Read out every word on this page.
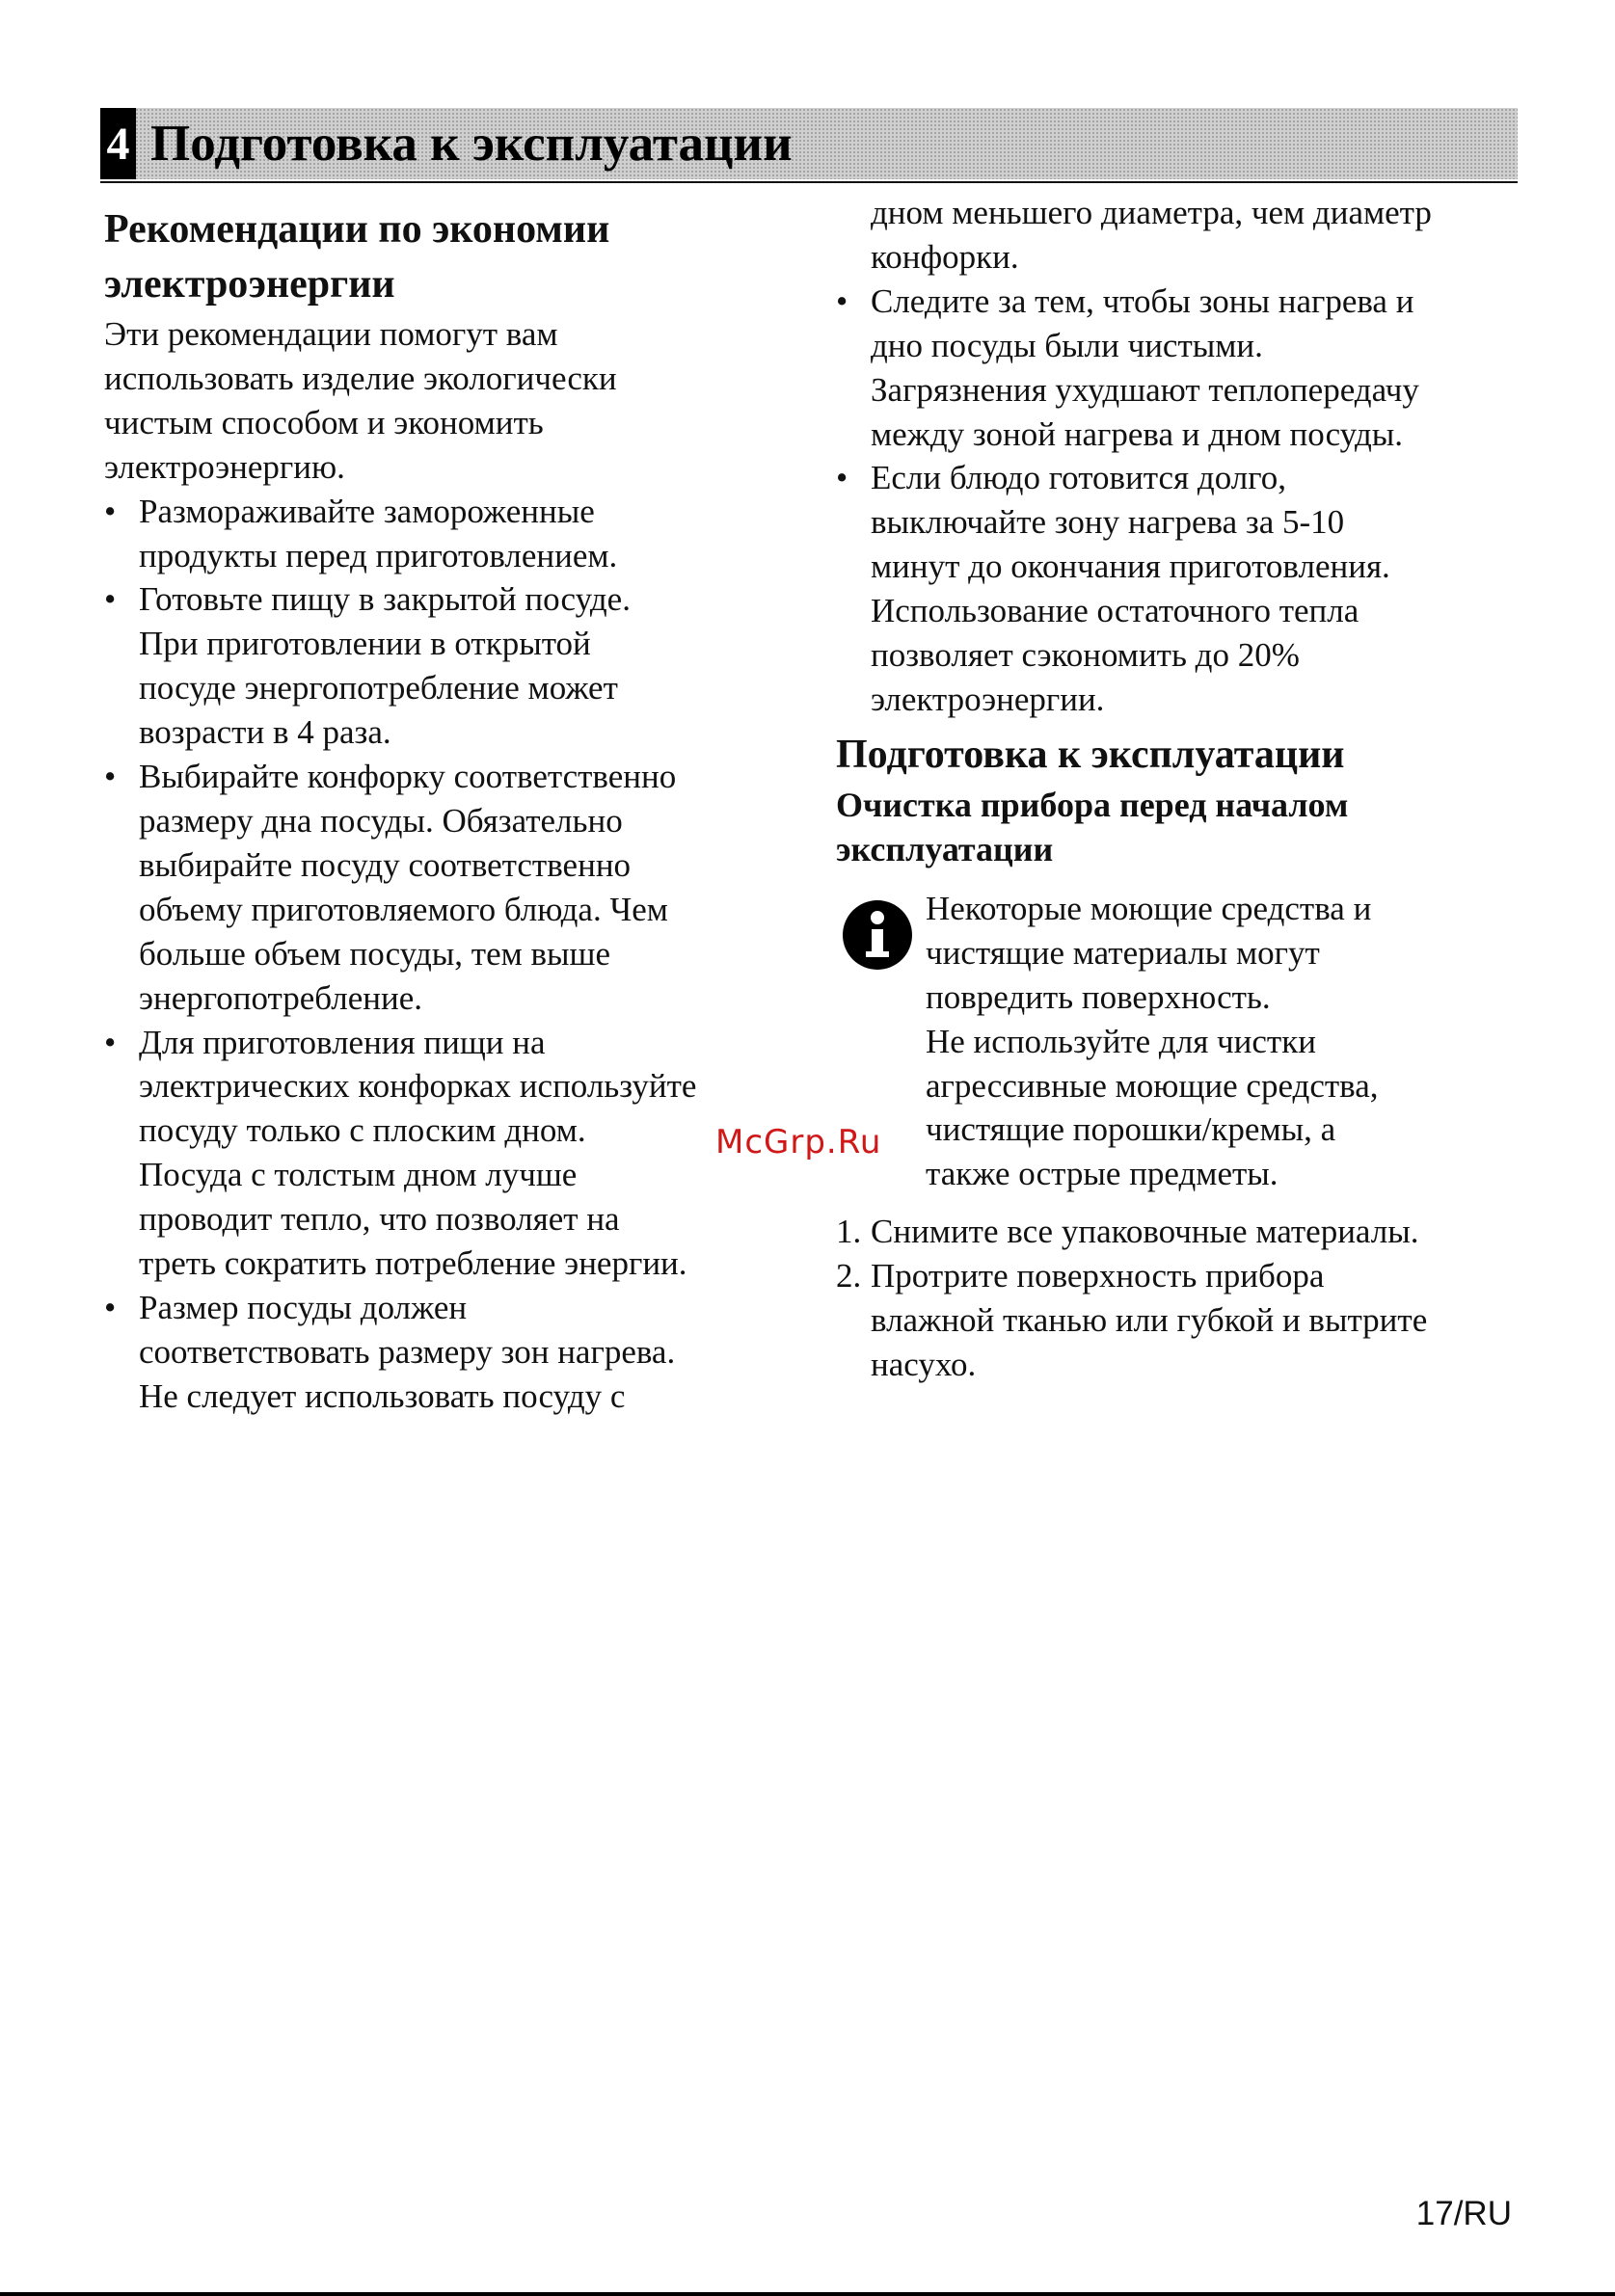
4 Подготовка к эксплуатации
Рекомендации по экономии
электроэнергии

Эти рекомендации помогут вам
использовать изделие экологически
чистым способом и экономить
электроэнергию.

• Размораживайте замороженные
продукты перед приготовлением.
• Готовьте пищу в закрытой посуде.
При приготовлении в открытой
посуде энергопотребление может
возрасти в 4 раза.
• Выбирайте конфорку соответственно
размеру дна посуды. Обязательно
выбирайте посуду соответственно
объему приготовляемого блюда. Чем
больше объем посуды, тем выше
энергопотребление.
• Для приготовления пищи на
электрических конфорках используйте
посуду только с плоским дном.
Посуда с толстым дном лучше
проводит тепло, что позволяет на
треть сократить потребление энергии.
• Размер посуды должен
соответствовать размеру зон нагрева.
Не следует использовать посуду с

дном меньшего диаметра, чем диаметр
конфорки.

• Следите за тем, чтобы зоны нагрева и
дно посуды были чистыми.
Загрязнения ухудшают теплопередачу
между зоной нагрева и дном посуды.
• Если блюдо готовится долго,
выключайте зону нагрева за 5-10
минут до окончания приготовления.
Использование остаточного тепла
позволяет сэкономить до 20%
электроэнергии.
Подготовка к эксплуатации
Очистка прибора перед началом
эксплуатации

Некоторые моющие средства и
чистящие материалы могут
повредить поверхность.
Не используйте для чистки
агрессивные моющие средства,
чистящие порошки/кремы, а
также острые предметы.

1. Снимите все упаковочные материалы.
2. Протрите поверхность прибора
влажной тканью или губкой и вытрите
насухо.
McGrp.Ru
17/RU
